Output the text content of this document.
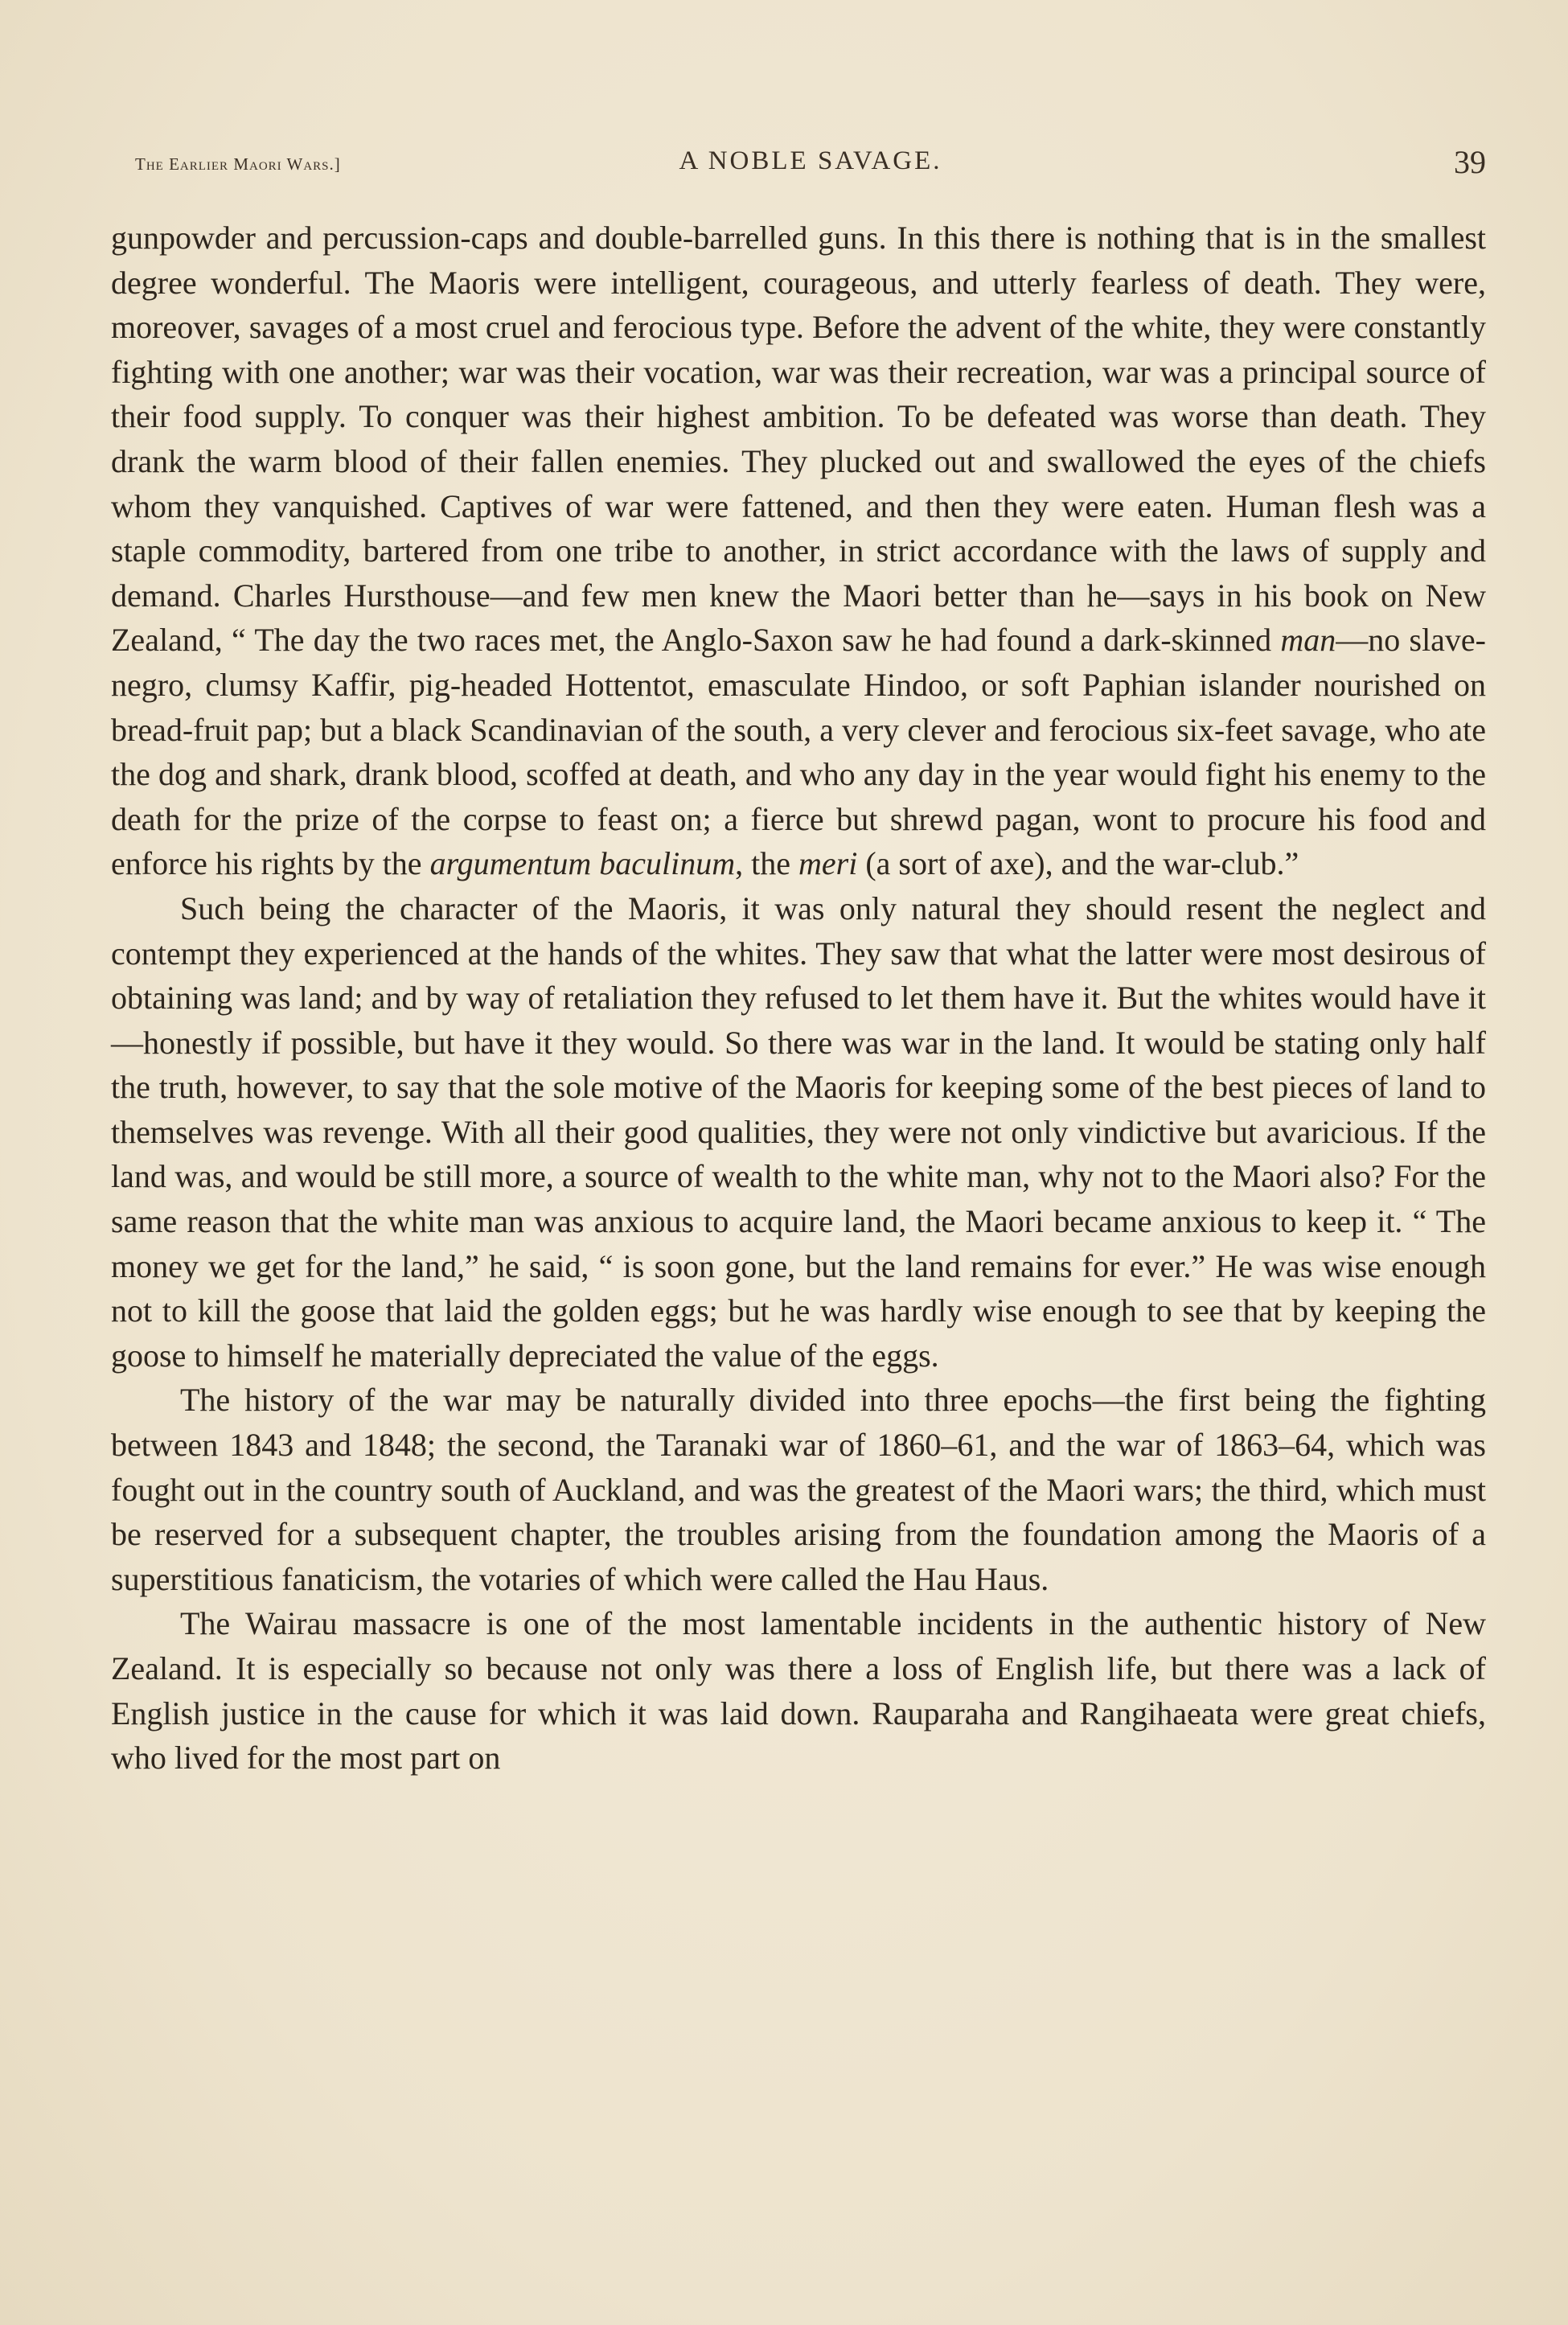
The Earlier Maori Wars.]	A NOBLE SAVAGE.	39

gunpowder and percussion-caps and double-barrelled guns. In this there is nothing that is in the smallest degree wonderful. The Maoris were intelligent, courageous, and utterly fearless of death. They were, moreover, savages of a most cruel and ferocious type. Before the advent of the white, they were constantly fighting with one another; war was their vocation, war was their recreation, war was a principal source of their food supply. To conquer was their highest ambition. To be defeated was worse than death. They drank the warm blood of their fallen enemies. They plucked out and swallowed the eyes of the chiefs whom they vanquished. Captives of war were fattened, and then they were eaten. Human flesh was a staple commodity, bartered from one tribe to another, in strict accordance with the laws of supply and demand. Charles Hursthouse—and few men knew the Maori better than he—says in his book on New Zealand, “ The day the two races met, the Anglo-Saxon saw he had found a dark-skinned man—no slave-negro, clumsy Kaffir, pig-headed Hottentot, emasculate Hindoo, or soft Paphian islander nourished on bread-fruit pap; but a black Scandinavian of the south, a very clever and ferocious six-feet savage, who ate the dog and shark, drank blood, scoffed at death, and who any day in the year would fight his enemy to the death for the prize of the corpse to feast on; a fierce but shrewd pagan, wont to procure his food and enforce his rights by the argumentum baculinum, the meri (a sort of axe), and the war-club.”

Such being the character of the Maoris, it was only natural they should resent the neglect and contempt they experienced at the hands of the whites. They saw that what the latter were most desirous of obtaining was land; and by way of retaliation they refused to let them have it. But the whites would have it—honestly if possible, but have it they would. So there was war in the land. It would be stating only half the truth, however, to say that the sole motive of the Maoris for keeping some of the best pieces of land to themselves was revenge. With all their good qualities, they were not only vindictive but avaricious. If the land was, and would be still more, a source of wealth to the white man, why not to the Maori also? For the same reason that the white man was anxious to acquire land, the Maori became anxious to keep it. “ The money we get for the land,” he said, “ is soon gone, but the land remains for ever.” He was wise enough not to kill the goose that laid the golden eggs; but he was hardly wise enough to see that by keeping the goose to himself he materially depreciated the value of the eggs.

The history of the war may be naturally divided into three epochs—the first being the fighting between 1843 and 1848; the second, the Taranaki war of 1860–61, and the war of 1863–64, which was fought out in the country south of Auckland, and was the greatest of the Maori wars; the third, which must be reserved for a subsequent chapter, the troubles arising from the foundation among the Maoris of a superstitious fanaticism, the votaries of which were called the Hau Haus.

The Wairau massacre is one of the most lamentable incidents in the authentic history of New Zealand. It is especially so because not only was there a loss of English life, but there was a lack of English justice in the cause for which it was laid down. Rauparaha and Rangihaeata were great chiefs, who lived for the most part on
